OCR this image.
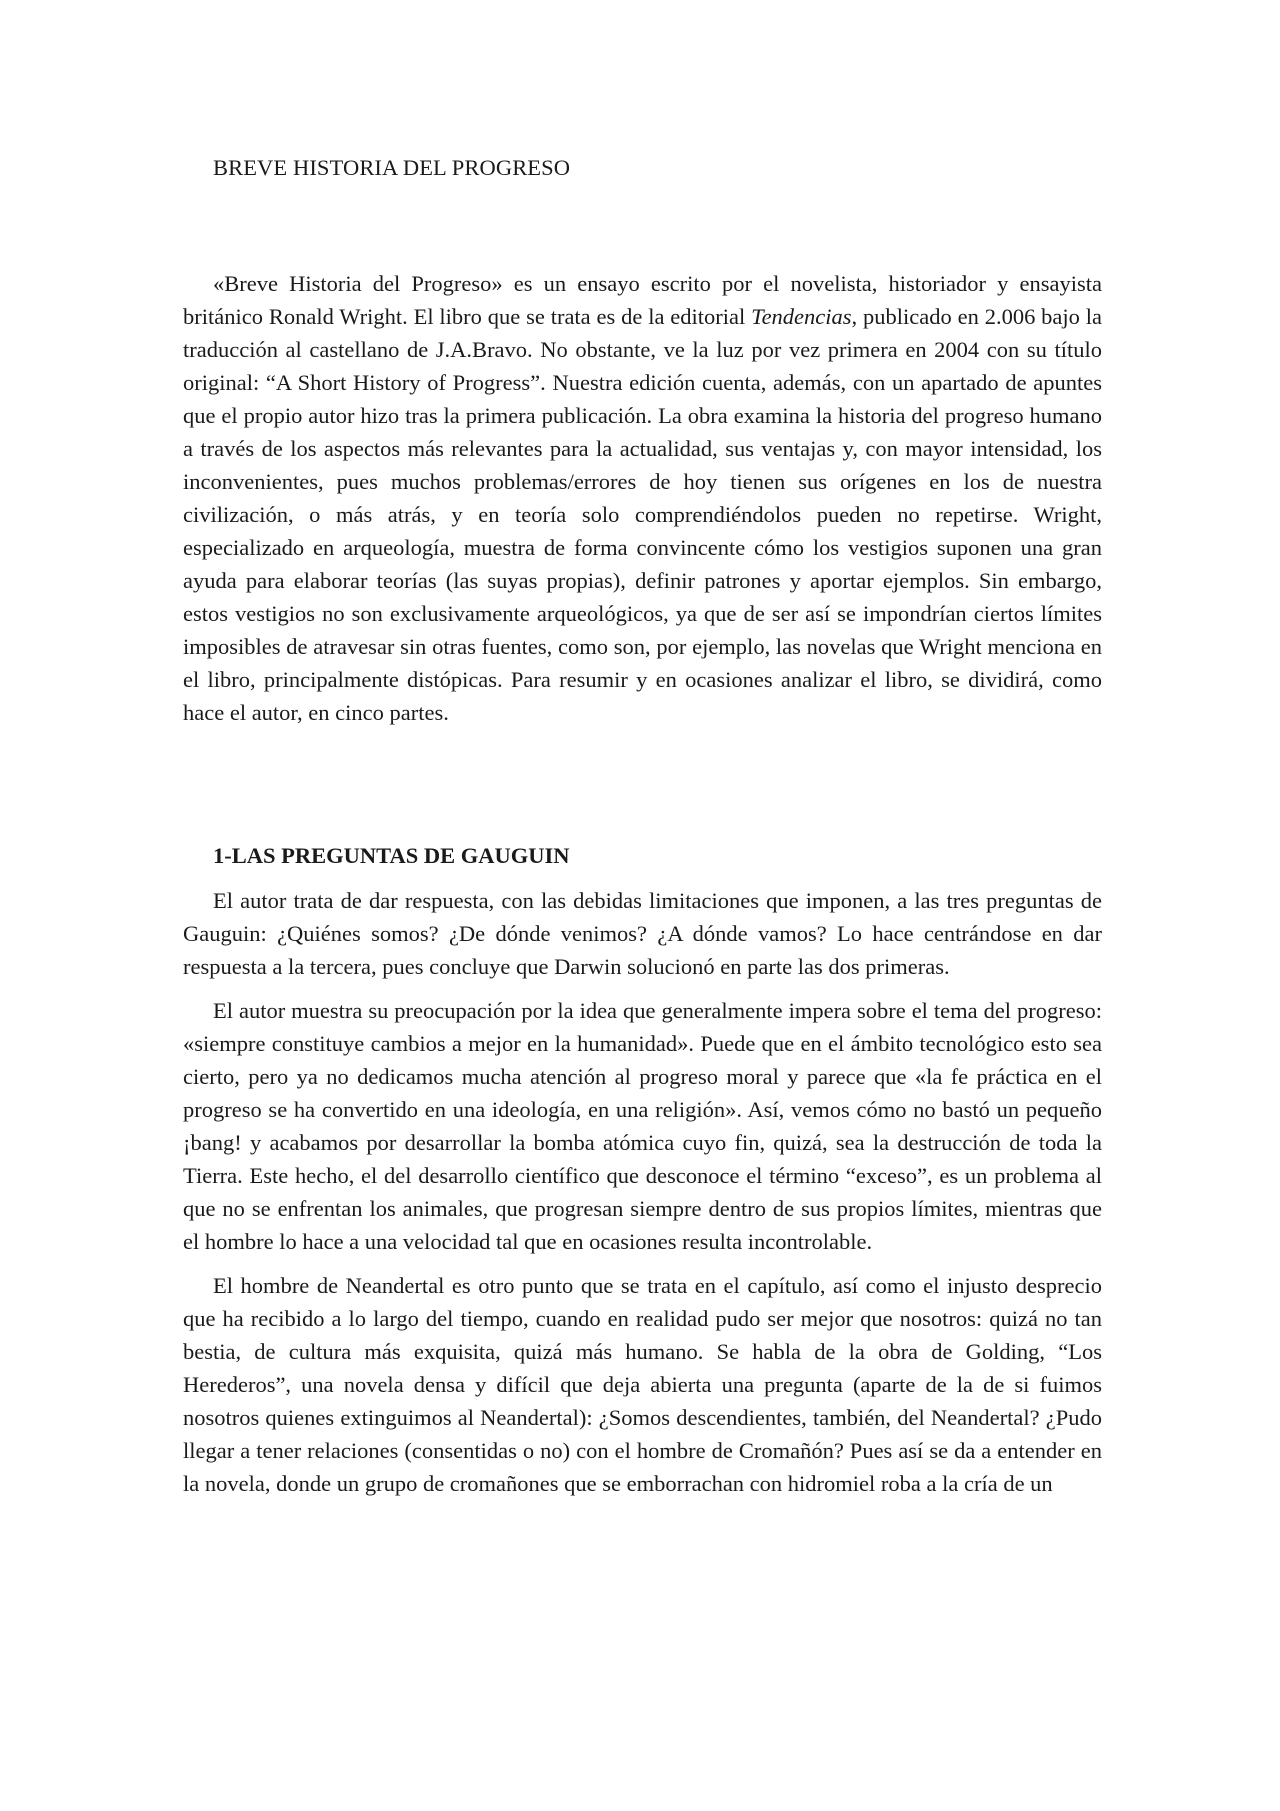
BREVE HISTORIA DEL PROGRESO

«Breve Historia del Progreso» es un ensayo escrito por el novelista, historiador y ensayista británico Ronald Wright. El libro que se trata es de la editorial Tendencias, publicado en 2.006 bajo la traducción al castellano de J.A.Bravo. No obstante, ve la luz por vez primera en 2004 con su título original: “A Short History of Progress”. Nuestra edición cuenta, además, con un apartado de apuntes que el propio autor hizo tras la primera publicación. La obra examina la historia del progreso humano a través de los aspectos más relevantes para la actualidad, sus ventajas y, con mayor intensidad, los inconvenientes, pues muchos problemas/errores de hoy tienen sus orígenes en los de nuestra civilización, o más atrás, y en teoría solo comprendiéndolos pueden no repetirse. Wright, especializado en arqueología, muestra de forma convincente cómo los vestigios suponen una gran ayuda para elaborar teorías (las suyas propias), definir patrones y aportar ejemplos. Sin embargo, estos vestigios no son exclusivamente arqueológicos, ya que de ser así se impondrían ciertos límites imposibles de atravesar sin otras fuentes, como son, por ejemplo, las novelas que Wright menciona en el libro, principalmente distópicas. Para resumir y en ocasiones analizar el libro, se dividirá, como hace el autor, en cinco partes.

1-LAS PREGUNTAS DE GAUGUIN

El autor trata de dar respuesta, con las debidas limitaciones que imponen, a las tres preguntas de Gauguin: ¿Quiénes somos? ¿De dónde venimos? ¿A dónde vamos? Lo hace centrándose en dar respuesta a la tercera, pues concluye que Darwin solucionó en parte las dos primeras.

El autor muestra su preocupación por la idea que generalmente impera sobre el tema del progreso: «siempre constituye cambios a mejor en la humanidad». Puede que en el ámbito tecnológico esto sea cierto, pero ya no dedicamos mucha atención al progreso moral y parece que «la fe práctica en el progreso se ha convertido en una ideología, en una religión». Así, vemos cómo no bastó un pequeño ¡bang! y acabamos por desarrollar la bomba atómica cuyo fin, quizá, sea la destrucción de toda la Tierra. Este hecho, el del desarrollo científico que desconoce el término “exceso”, es un problema al que no se enfrentan los animales, que progresan siempre dentro de sus propios límites, mientras que el hombre lo hace a una velocidad tal que en ocasiones resulta incontrolable.

El hombre de Neandertal es otro punto que se trata en el capítulo, así como el injusto desprecio que ha recibido a lo largo del tiempo, cuando en realidad pudo ser mejor que nosotros: quizá no tan bestia, de cultura más exquisita, quizá más humano. Se habla de la obra de Golding, “Los Herederos”, una novela densa y difícil que deja abierta una pregunta (aparte de la de si fuimos nosotros quienes extinguimos al Neandertal): ¿Somos descendientes, también, del Neandertal? ¿Pudo llegar a tener relaciones (consentidas o no) con el hombre de Cromañón? Pues así se da a entender en la novela, donde un grupo de cromañones que se emborrachan con hidromiel roba a la cría de un
